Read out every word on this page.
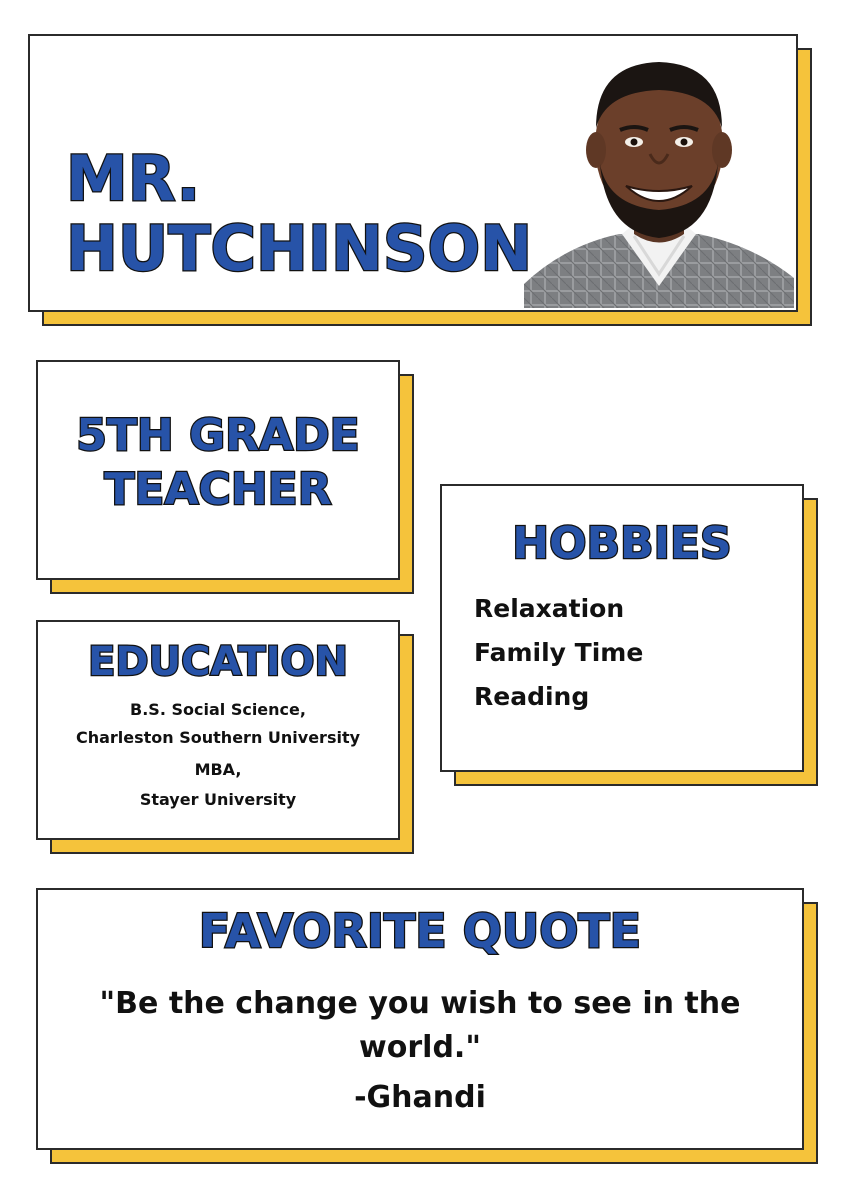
MR.
HUTCHINSON
5TH GRADE
TEACHER
EDUCATION
B.S. Social Science,
Charleston Southern University
MBA,
Stayer University
HOBBIES
Relaxation
Family Time
Reading
FAVORITE QUOTE
"Be the change you wish to see in the world."
-Ghandi
